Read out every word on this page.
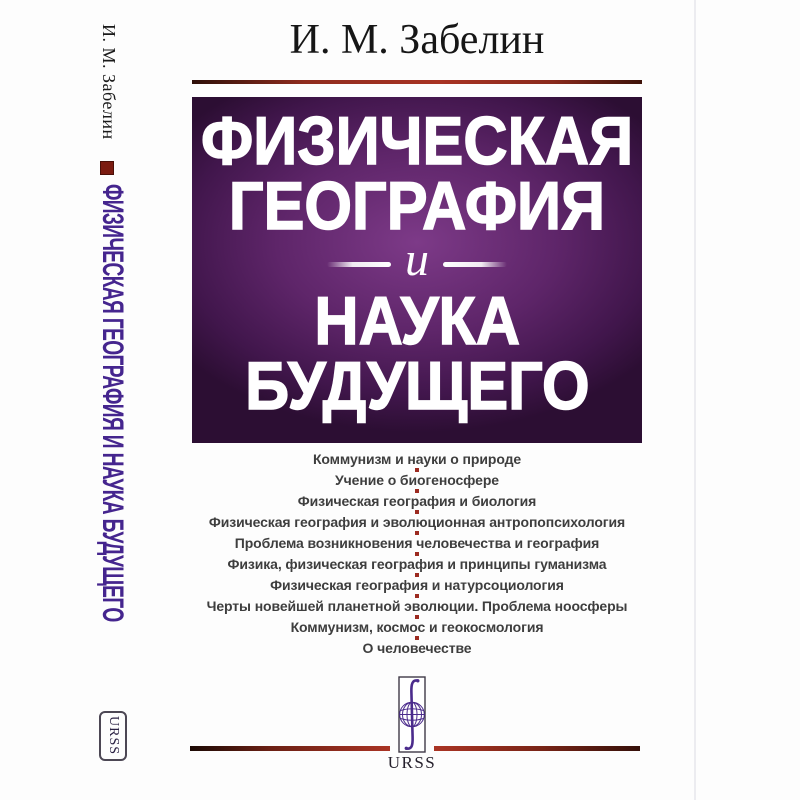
И. М. Забелин
ФИЗИЧЕСКАЯ ГЕОГРАФИЯ И НАУКА БУДУЩЕГО
URSS
И. М. Забелин
ФИЗИЧЕСКАЯ
ГЕОГРАФИЯ
и
НАУКА
БУДУЩЕГО
Коммунизм и науки о природе
Учение о биогеносфере
Физическая география и биология
Физическая география и эволюционная антропопсихология
Проблема возникновения человечества и география
Физика, физическая география и принципы гуманизма
Физическая география и натурсоциология
Черты новейшей планетной эволюции. Проблема ноосферы
Коммунизм, космос и геокосмология
О человечестве
URSS
